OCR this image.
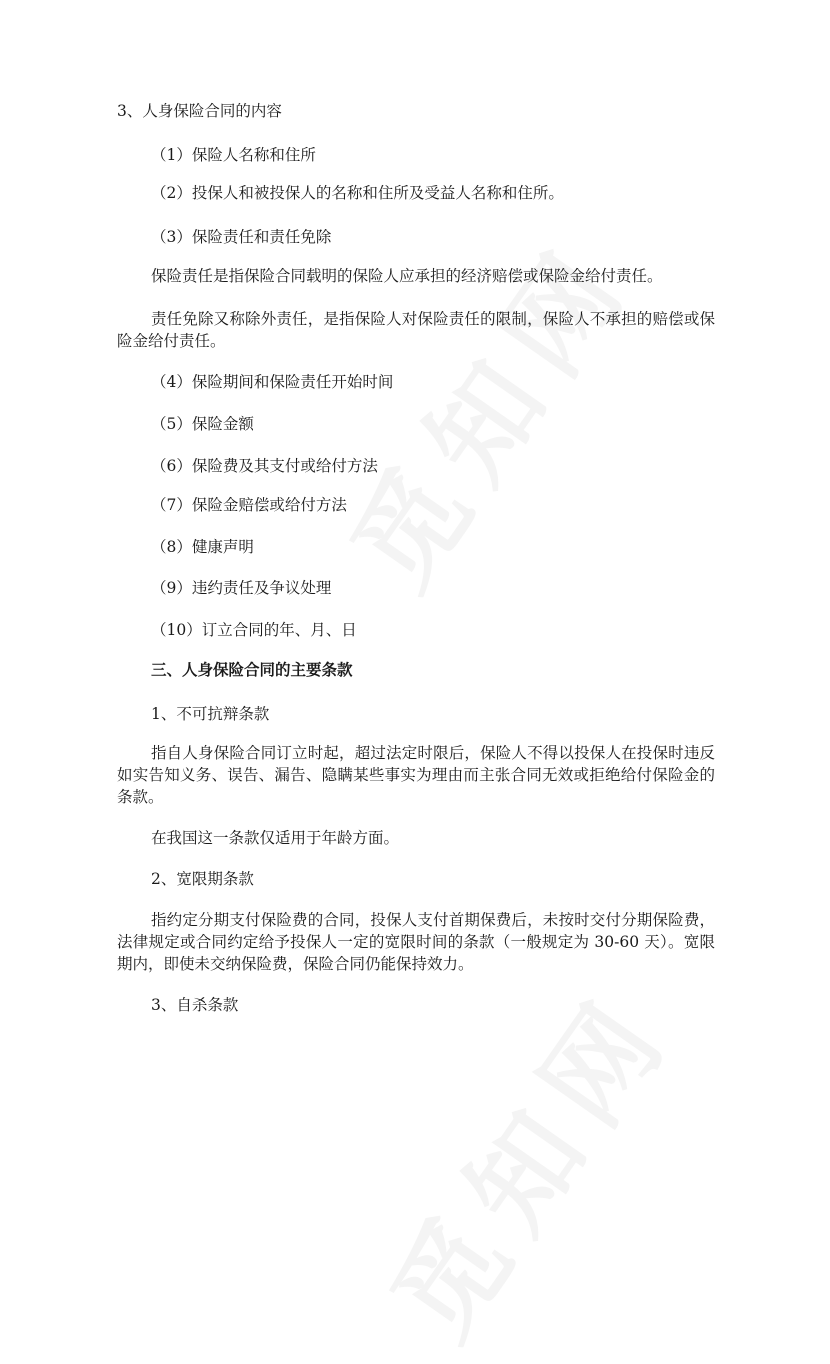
3、人身保险合同的内容
（1）保险人名称和住所
（2）投保人和被投保人的名称和住所及受益人名称和住所。
（3）保险责任和责任免除
保险责任是指保险合同载明的保险人应承担的经济赔偿或保险金给付责任。
责任免除又称除外责任，是指保险人对保险责任的限制，保险人不承担的赔偿或保险金给付责任。
（4）保险期间和保险责任开始时间
（5）保险金额
（6）保险费及其支付或给付方法
（7）保险金赔偿或给付方法
（8）健康声明
（9）违约责任及争议处理
（10）订立合同的年、月、日
三、人身保险合同的主要条款
1、不可抗辩条款
指自人身保险合同订立时起，超过法定时限后，保险人不得以投保人在投保时违反如实告知义务、误告、漏告、隐瞒某些事实为理由而主张合同无效或拒绝给付保险金的条款。
在我国这一条款仅适用于年龄方面。
2、宽限期条款
指约定分期支付保险费的合同，投保人支付首期保费后，未按时交付分期保险费，法律规定或合同约定给予投保人一定的宽限时间的条款（一般规定为 30-60 天）。宽限期内，即使未交纳保险费，保险合同仍能保持效力。
3、自杀条款
